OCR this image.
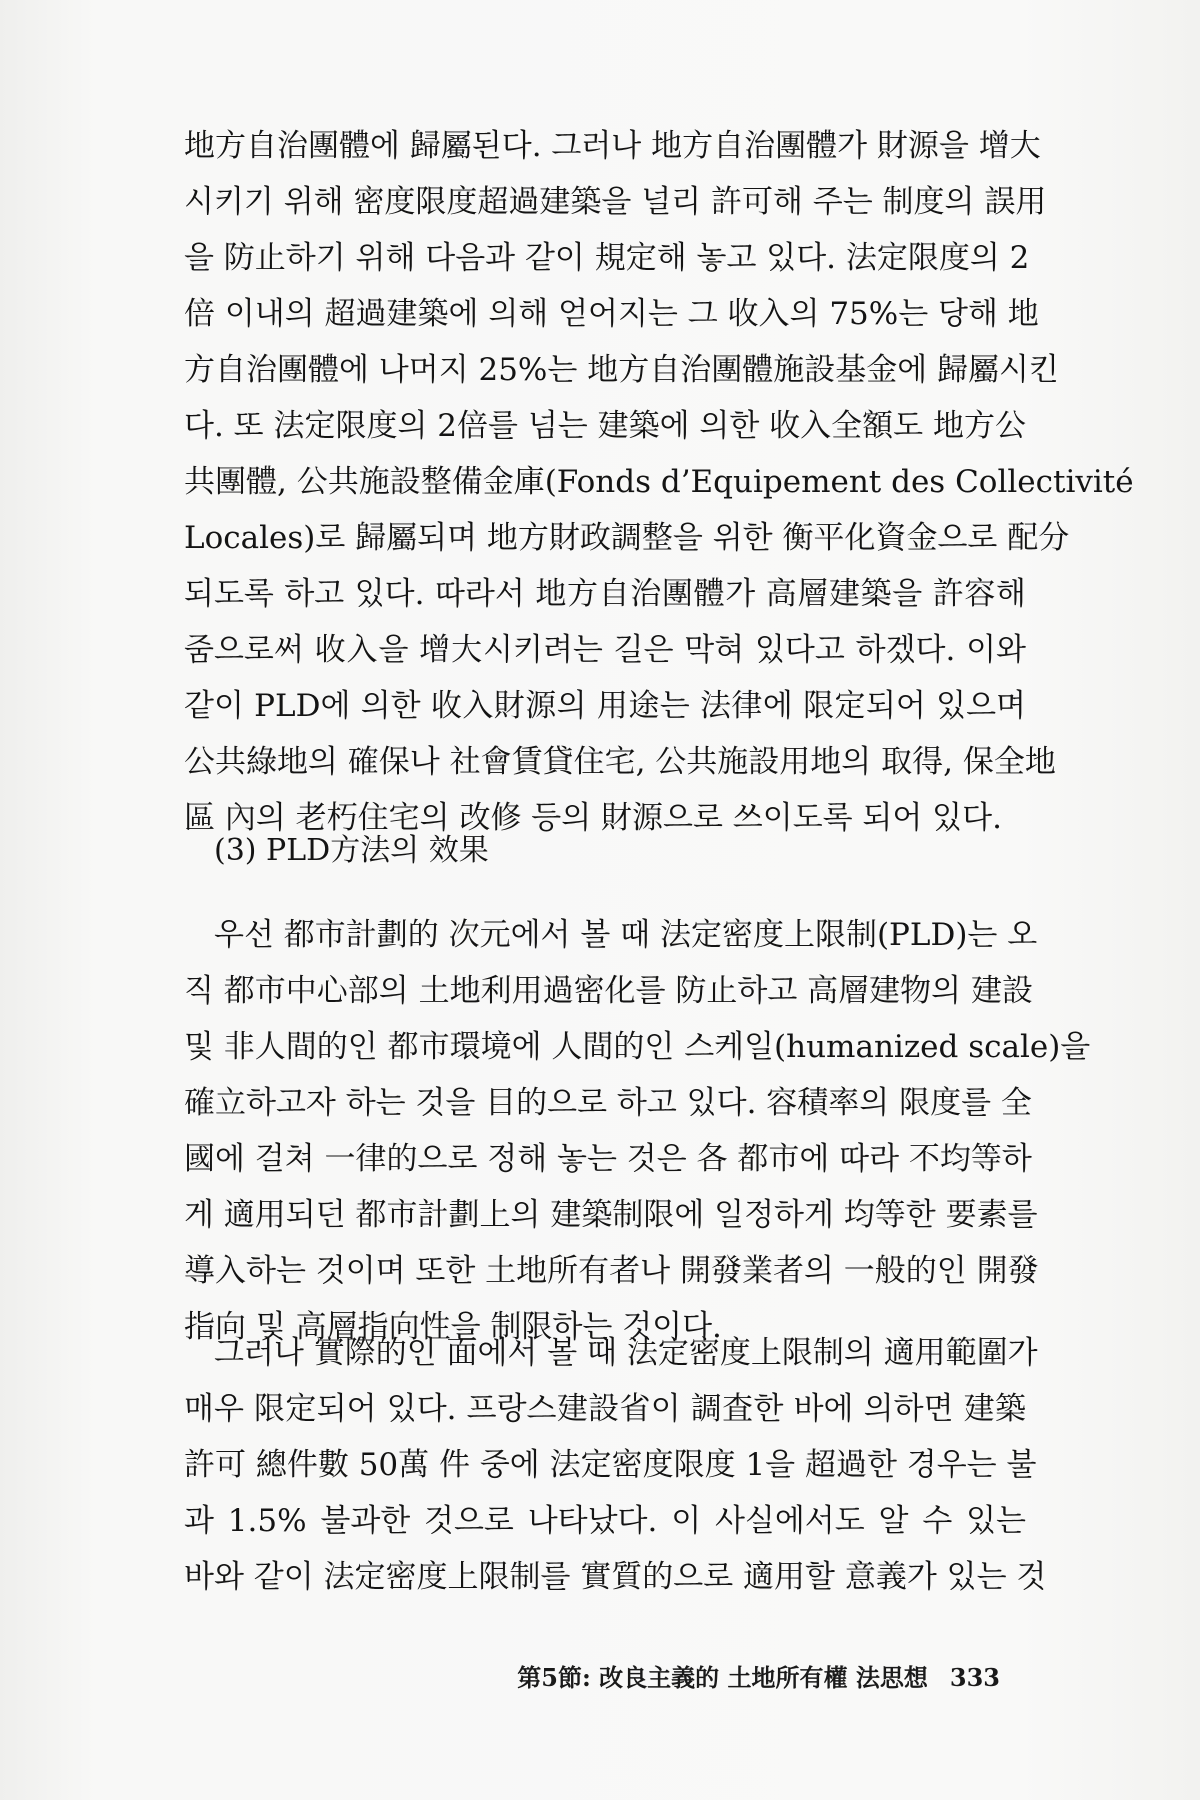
地方自治團體에 歸屬된다. 그러나 地方自治團體가 財源을 增大
시키기 위해 密度限度超過建築을 널리 許可해 주는 制度의 誤用
을 防止하기 위해 다음과 같이 規定해 놓고 있다. 法定限度의 2
倍 이내의 超過建築에 의해 얻어지는 그 收入의 75%는 당해 地
方自治團體에 나머지 25%는 地方自治團體施設基金에 歸屬시킨
다. 또 法定限度의 2倍를 넘는 建築에 의한 收入全額도 地方公
共團體, 公共施設整備金庫(Fonds d’Equipement des Collectivité
Locales)로 歸屬되며 地方財政調整을 위한 衡平化資金으로 配分
되도록 하고 있다. 따라서 地方自治團體가 高層建築을 許容해
줌으로써 收入을 增大시키려는 길은 막혀 있다고 하겠다. 이와
같이 PLD에 의한 收入財源의 用途는 法律에 限定되어 있으며
公共綠地의 確保나 社會賃貸住宅, 公共施設用地의 取得, 保全地
區 內의 老朽住宅의 改修 등의 財源으로 쓰이도록 되어 있다.
(3) PLD方法의 效果
우선 都市計劃的 次元에서 볼 때 法定密度上限制(PLD)는 오
직 都市中心部의 土地利用過密化를 防止하고 高層建物의 建設
및 非人間的인 都市環境에 人間的인 스케일(humanized scale)을
確立하고자 하는 것을 目的으로 하고 있다. 容積率의 限度를 全
國에 걸쳐 一律的으로 정해 놓는 것은 各 都市에 따라 不均等하
게 適用되던 都市計劃上의 建築制限에 일정하게 均等한 要素를
導入하는 것이며 또한 土地所有者나 開發業者의 一般的인 開發
指向 및 高層指向性을 制限하는 것이다.
그러나 實際的인 面에서 볼 때 法定密度上限制의 適用範圍가
매우 限定되어 있다. 프랑스建設省이 調査한 바에 의하면 建築
許可 總件數 50萬 件 중에 法定密度限度 1을 超過한 경우는 불
과 1.5% 불과한 것으로 나타났다. 이 사실에서도 알 수 있는
바와 같이 法定密度上限制를 實質的으로 適用할 意義가 있는 것
第5節: 改良主義的 土地所有權 法思想 333
